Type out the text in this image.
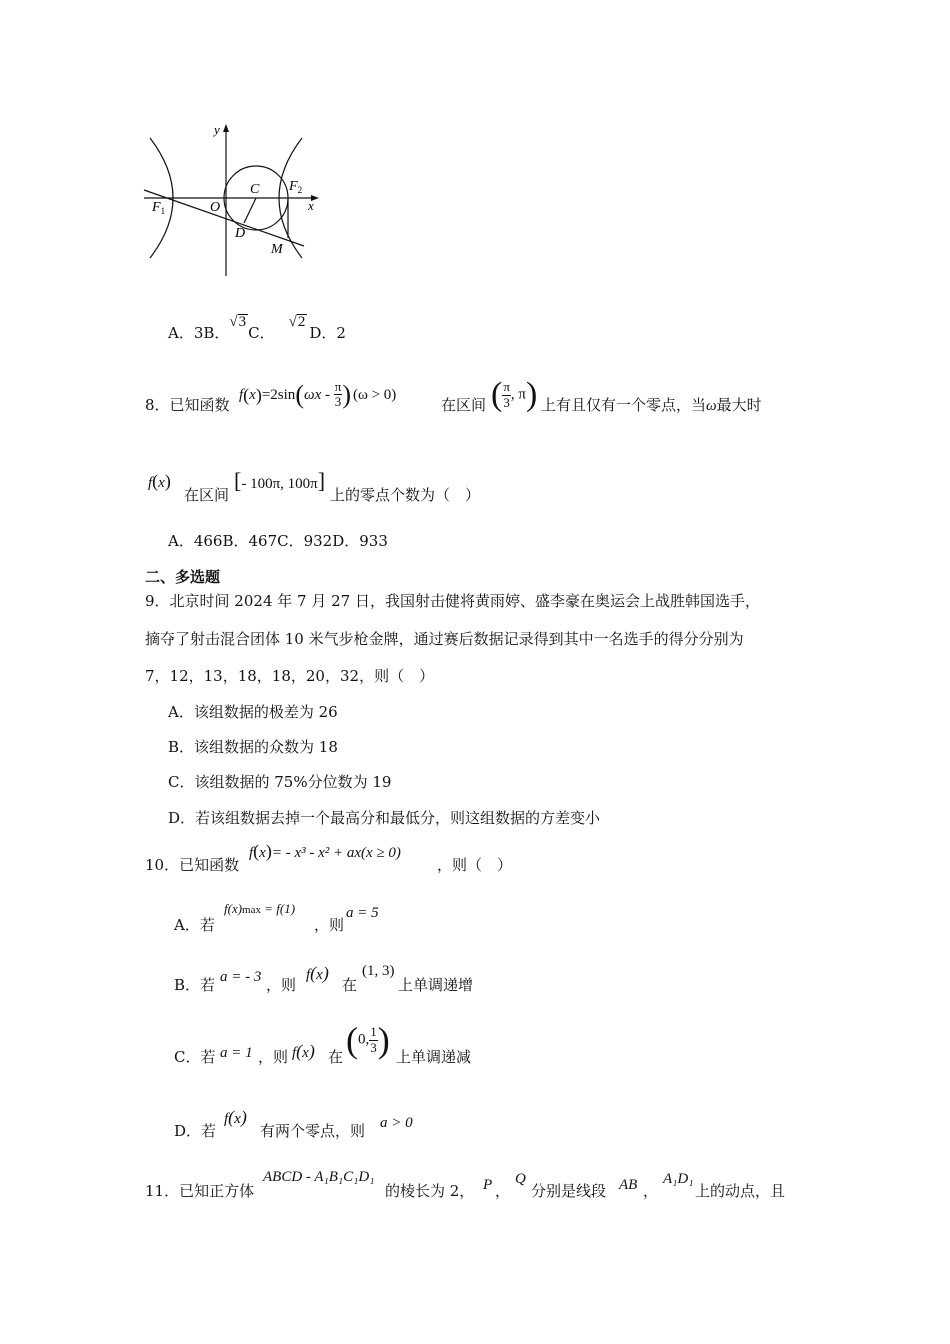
y
x
O
C
$F_1$
$F_2$
D
M
A．3B．√3C．√2D．2
8．已知函数
$f(x)=2\sin(\omega x - \frac{\pi}{3}$ ) (ω > 0)
在区间 ( $\frac{\pi}{3}$ , π) 上有且仅有一个零点，当ω最大时
f(x)
在区间
[- 100π, 100π]
上的零点个数为（　）
A．466B．467C．932D．933
二、多选题
9．北京时间 2024 年 7 月 27 日，我国射击健将黄雨婷、盛李豪在奥运会上战胜韩国选手，
摘夺了射击混合团体 10 米气步枪金牌，通过赛后数据记录得到其中一名选手的得分分别为
7，12，13，18，18，20，32，则（　）
A．该组数据的极差为 26
B．该组数据的众数为 18
C．该组数据的 75%分位数为 19
D．若该组数据去掉一个最高分和最低分，则这组数据的方差变小
10．已知函数
f(x)= - x³ - x² + ax(x ≥ 0)
，则（　）
A．若
f(x)max = f(1)
，则
a = 5
B．若 a = - 3 ，则
f(x)
在
(1, 3)
上单调递增
C．若 a = 1 ，则 f(x) 在 (0, $\frac{1}{3}$ ) 上单调递减
D．若
f(x)
有两个零点，则 a > 0
11．已知正方体
ABCD - A₁B₁C₁D₁
的棱长为 2， P ，
Q
分别是线段 AB ，
A₁D₁
上的动点，且
